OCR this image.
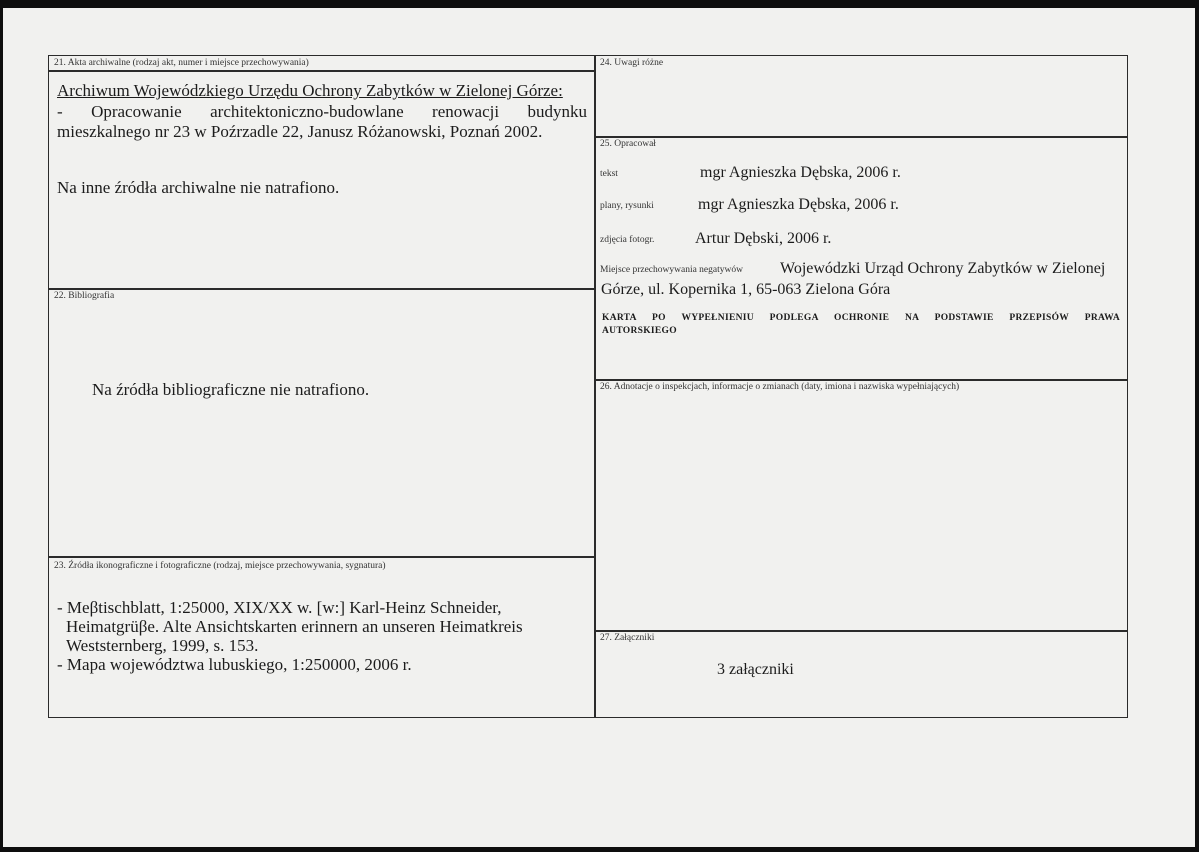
21. Akta archiwalne (rodzaj akt, numer i miejsce przechowywania)
Archiwum Wojewódzkiego Urzędu Ochrony Zabytków w Zielonej Górze:
- Opracowanie architektoniczno-budowlane renowacji budynku
mieszkalnego nr 23 w Poźrzadle 22, Janusz Różanowski, Poznań 2002.
Na inne źródła archiwalne nie natrafiono.
22. Bibliografia
Na źródła bibliograficzne nie natrafiono.
23. Źródła ikonograficzne i fotograficzne (rodzaj, miejsce przechowywania, sygnatura)
- Meβtischblatt, 1:25000, XIX/XX w. [w:] Karl-Heinz Schneider,
Heimatgrüβe. Alte Ansichtskarten erinnern an unseren Heimatkreis
Weststernberg, 1999, s. 153.
- Mapa województwa lubuskiego, 1:250000, 2006 r.
24. Uwagi różne
25. Opracował
tekst	mgr Agnieszka Dębska, 2006 r.
plany, rysunki	mgr Agnieszka Dębska, 2006 r.
zdjęcia fotogr.	Artur Dębski, 2006 r.
Miejsce przechowywania negatywów Wojewódzki Urząd Ochrony Zabytków w Zielonej
Górze, ul. Kopernika 1, 65-063 Zielona Góra
KARTA PO WYPEŁNIENIU PODLEGA OCHRONIE NA PODSTAWIE PRZEPISÓW PRAWA
AUTORSKIEGO
26. Adnotacje o inspekcjach, informacje o zmianach (daty, imiona i nazwiska wypełniających)
27. Załączniki
3 załączniki
